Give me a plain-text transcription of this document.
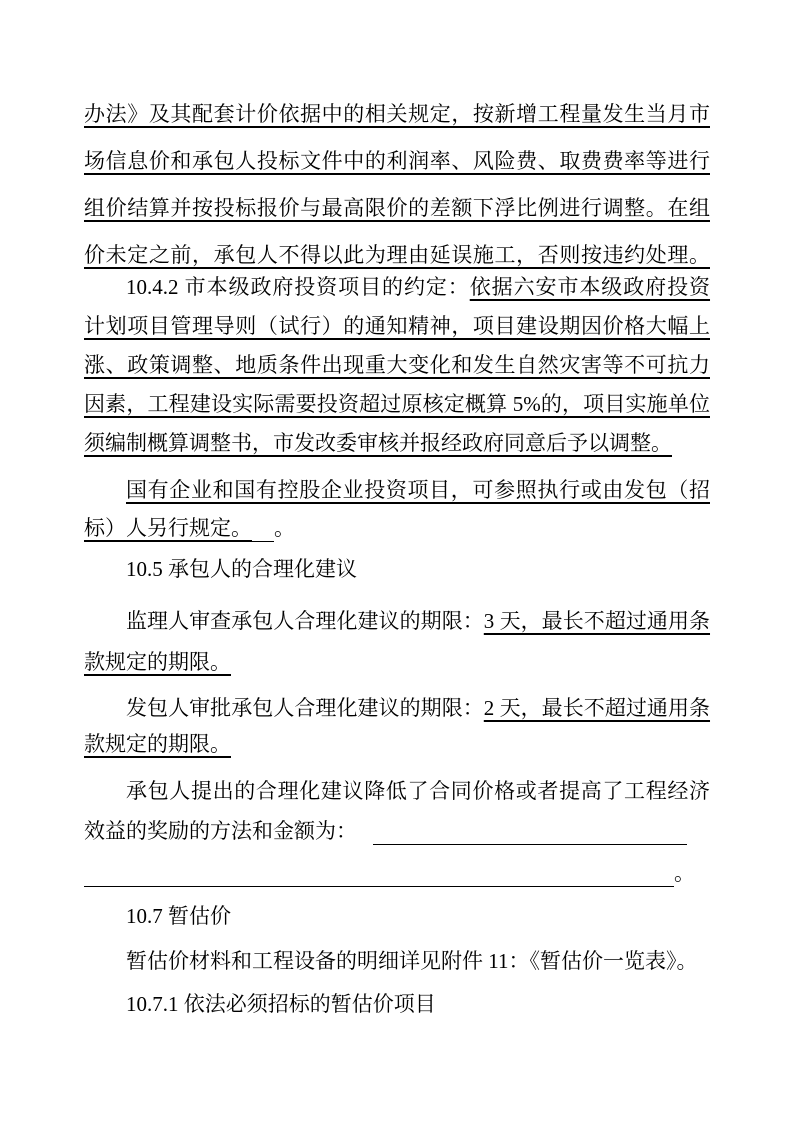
办法》及其配套计价依据中的相关规定，按新增工程量发生当月市
场信息价和承包人投标文件中的利润率、风险费、取费费率等进行
组价结算并按投标报价与最高限价的差额下浮比例进行调整。在组
价未定之前，承包人不得以此为理由延误施工，否则按违约处理。
10.4.2 市本级政府投资项目的约定：依据六安市本级政府投资
计划项目管理导则（试行）的通知精神，项目建设期因价格大幅上
涨、政策调整、地质条件出现重大变化和发生自然灾害等不可抗力
因素，工程建设实际需要投资超过原核定概算 5%的，项目实施单位
须编制概算调整书，市发改委审核并报经政府同意后予以调整。
国有企业和国有控股企业投资项目，可参照执行或由发包（招
标）人另行规定。 。
10.5 承包人的合理化建议
监理人审查承包人合理化建议的期限：3 天，最长不超过通用条
款规定的期限。
发包人审批承包人合理化建议的期限：2 天，最长不超过通用条
款规定的期限。
承包人提出的合理化建议降低了合同价格或者提高了工程经济
效益的奖励的方法和金额为：
。
10.7 暂估价
暂估价材料和工程设备的明细详见附件 11：《暂估价一览表》。
10.7.1 依法必须招标的暂估价项目
